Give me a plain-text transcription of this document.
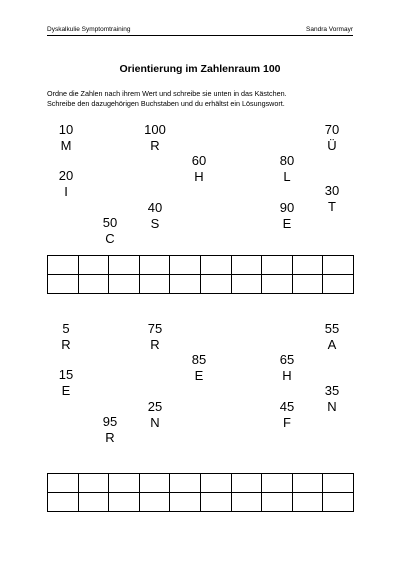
Dyskalkulie Symptomtraining	Sandra Vormayr
Orientierung im Zahlenraum 100
Ordne die Zahlen nach ihrem Wert und schreibe sie unten in das Kästchen.
Schreibe den dazugehörigen Buchstaben und du erhältst ein Lösungswort.
10
M
100
R
70
Ü
60
H
80
L
20
I	30
T
40
S
90
E
50
C

5
R
75
R
55
A
85
E
65
H
15
E	35
N
25
N
45
F
95
R
